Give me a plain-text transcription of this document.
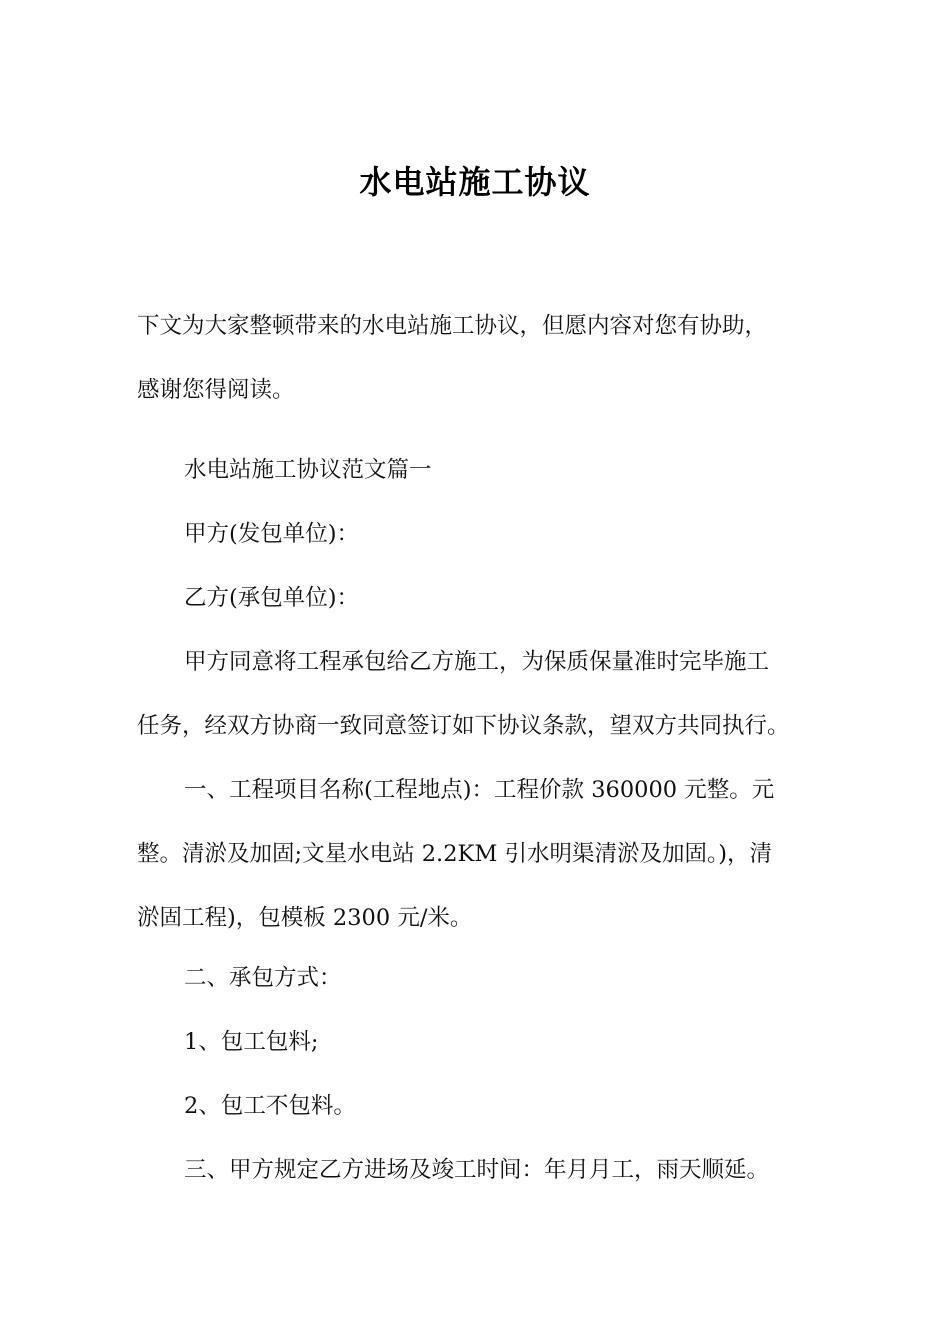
水电站施工协议
下文为大家整顿带来的水电站施工协议，但愿内容对您有协助，
感谢您得阅读。
水电站施工协议范文篇一
甲方(发包单位)：
乙方(承包单位)：
甲方同意将工程承包给乙方施工，为保质保量准时完毕施工
任务，经双方协商一致同意签订如下协议条款，望双方共同执行。
一、工程项目名称(工程地点)：工程价款 360000 元整。元
整。清淤及加固;文星水电站 2.2KM 引水明渠清淤及加固。)，清
淤固工程)，包模板 2300 元/米。
二、承包方式：
1、包工包料;
2、包工不包料。
三、甲方规定乙方进场及竣工时间：年月月工，雨天顺延。
